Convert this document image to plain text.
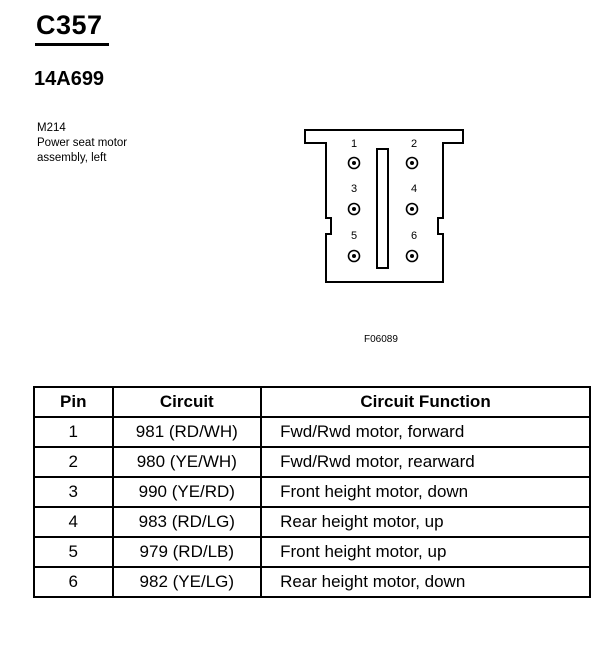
C357
14A699
M214
Power seat motor
assembly, left
1	2
3	4
5	6
F06089
Pin	Circuit	Circuit Function
1	981 (RD/WH)	Fwd/Rwd motor, forward
2	980 (YE/WH)	Fwd/Rwd motor, rearward
3	990 (YE/RD)	Front height motor, down
4	983 (RD/LG)	Rear height motor, up
5	979 (RD/LB)	Front height motor, up
6	982 (YE/LG)	Rear height motor, down
